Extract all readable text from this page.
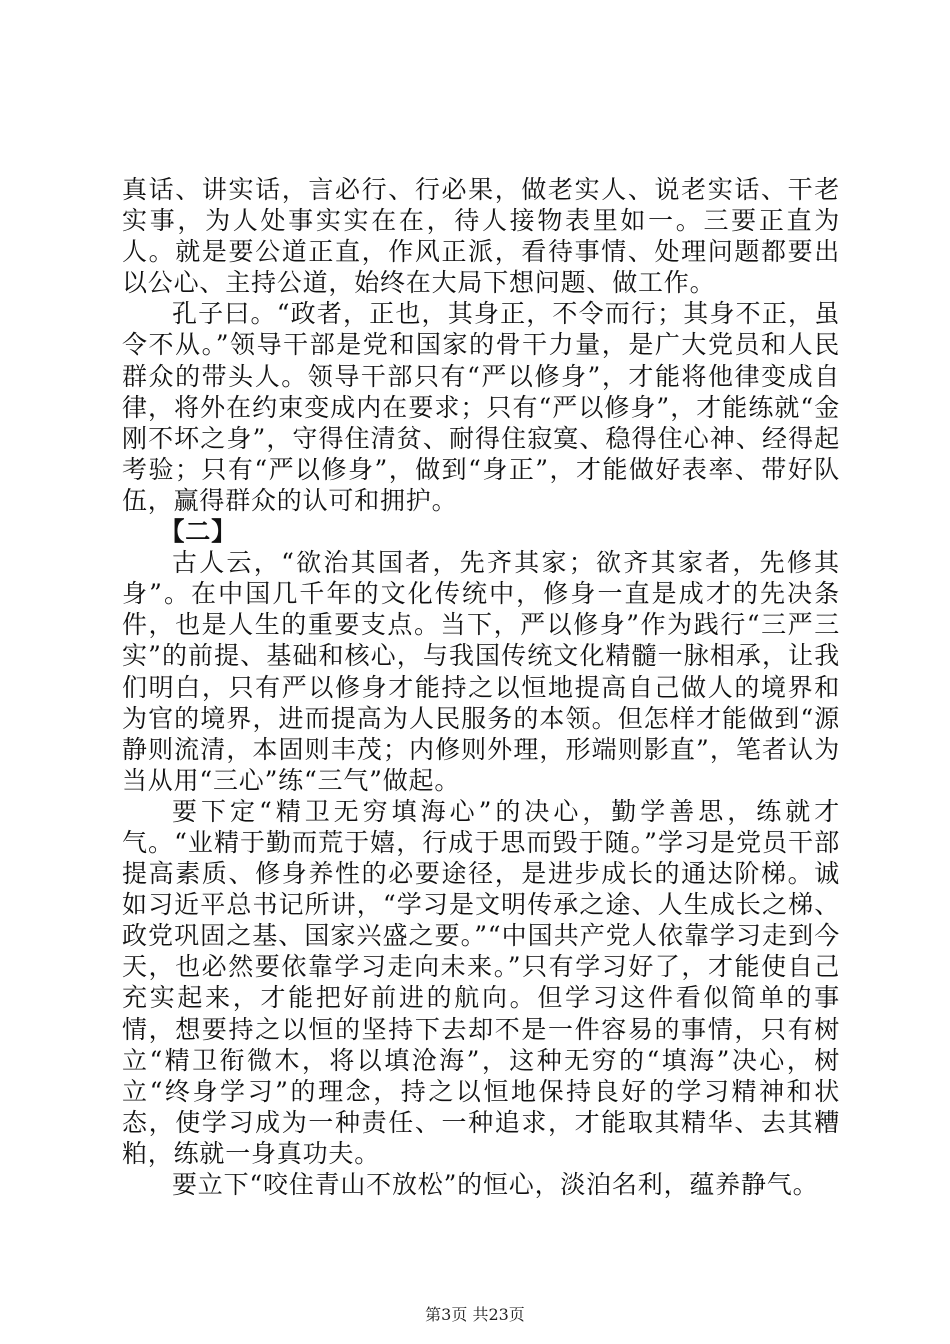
真话、讲实话，言必行、行必果，做老实人、说老实话、干老实事，为人处事实实在在，待人接物表里如一。三要正直为人。就是要公道正直，作风正派，看待事情、处理问题都要出以公心、主持公道，始终在大局下想问题、做工作。

孔子曰。“政者，正也，其身正，不令而行；其身不正，虽令不从。”领导干部是党和国家的骨干力量，是广大党员和人民群众的带头人。领导干部只有“严以修身”，才能将他律变成自律，将外在约束变成内在要求；只有“严以修身”，才能练就“金刚不坏之身”，守得住清贫、耐得住寂寞、稳得住心神、经得起考验；只有“严以修身”，做到“身正”，才能做好表率、带好队伍，赢得群众的认可和拥护。

【二】

古人云，“欲治其国者，先齐其家；欲齐其家者，先修其身”。在中国几千年的文化传统中，修身一直是成才的先决条件，也是人生的重要支点。当下，严以修身”作为践行“三严三实”的前提、基础和核心，与我国传统文化精髓一脉相承，让我们明白，只有严以修身才能持之以恒地提高自己做人的境界和为官的境界，进而提高为人民服务的本领。但怎样才能做到“源静则流清，本固则丰茂；内修则外理，形端则影直”，笔者认为当从用“三心”练“三气”做起。

要下定“精卫无穷填海心”的决心，勤学善思，练就才气。“业精于勤而荒于嬉，行成于思而毁于随。”学习是党员干部提高素质、修身养性的必要途径，是进步成长的通达阶梯。诚如习近平总书记所讲，“学习是文明传承之途、人生成长之梯、政党巩固之基、国家兴盛之要。”“中国共产党人依靠学习走到今天，也必然要依靠学习走向未来。”只有学习好了，才能使自己充实起来，才能把好前进的航向。但学习这件看似简单的事情，想要持之以恒的坚持下去却不是一件容易的事情，只有树立“精卫衔微木，将以填沧海”，这种无穷的“填海”决心，树立“终身学习”的理念，持之以恒地保持良好的学习精神和状态，使学习成为一种责任、一种追求，才能取其精华、去其糟粕，练就一身真功夫。

要立下“咬住青山不放松”的恒心，淡泊名利，蕴养静气。

第3页 共23页
